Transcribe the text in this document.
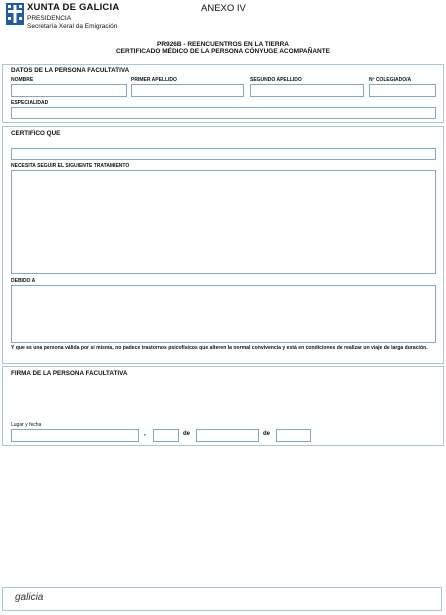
XUNTA DE GALICIA
PRESIDENCIA
Secretaría Xeral da Emigración
ANEXO IV
PR926B - REENCUENTROS EN LA TIERRA
CERTIFICADO MÉDICO DE LA PERSONA CÓNYUGE ACOMPAÑANTE
DATOS DE LA PERSONA FACULTATIVA
NOMBRE	PRIMER APELLIDO	SEGUNDO APELLIDO	Nº COLEGIADO/A
ESPECIALIDAD
CERTIFICO QUE
NECESITA SEGUIR EL SIGUIENTE TRATAMIENTO
DEBIDO A
Y que es una persona válida por sí misma, no padece trastornos psicofísicos que alteren la normal convivencia y está en condiciones de realizar un viaje de larga duración.
FIRMA DE LA PERSONA FACULTATIVA
Lugar y fecha
,	de	de
galicia
